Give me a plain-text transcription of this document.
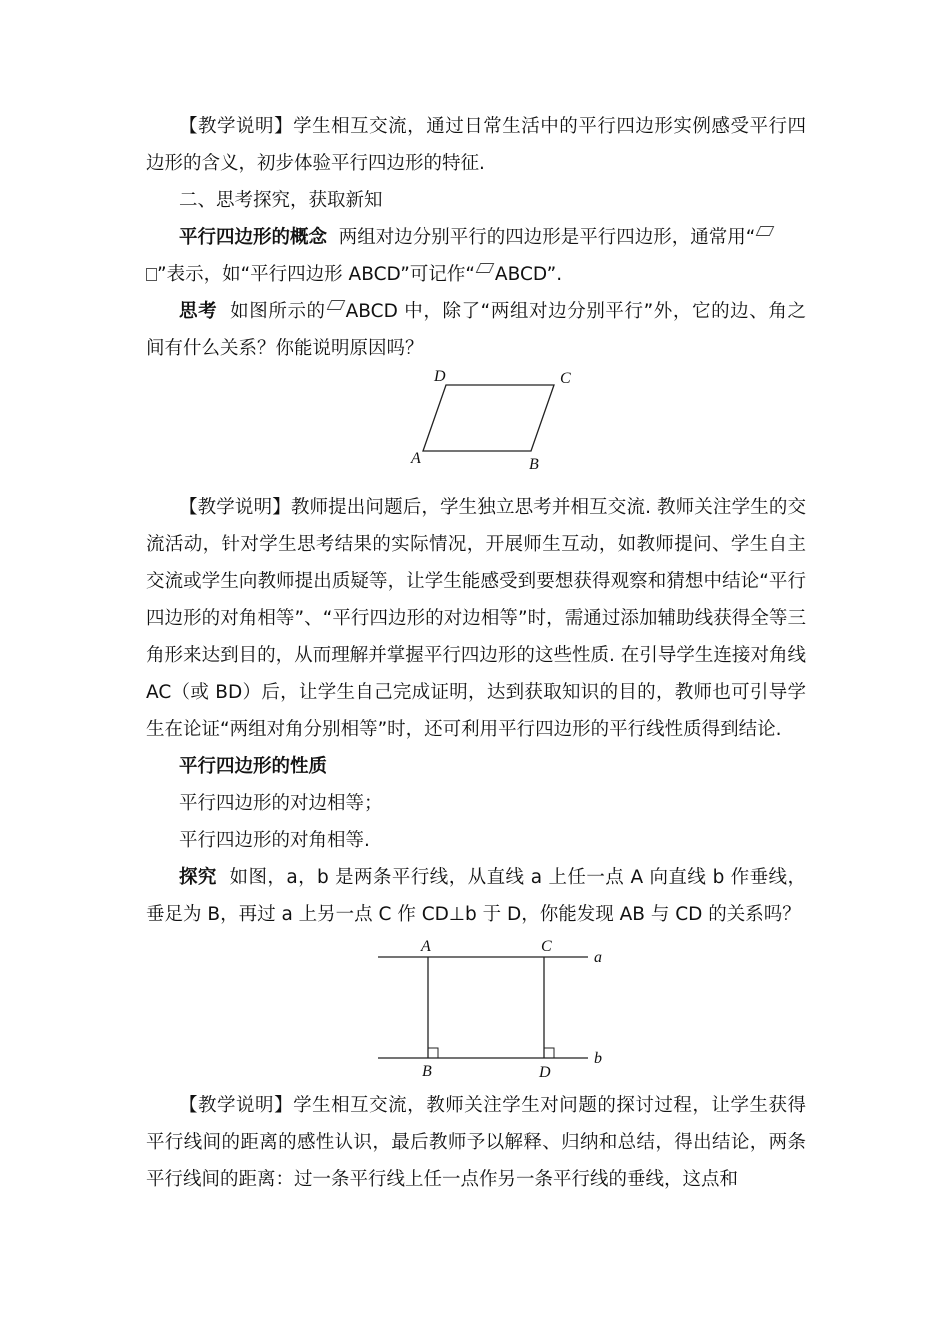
【教学说明】学生相互交流，通过日常生活中的平行四边形实例感受平行四边形的含义，初步体验平行四边形的特征.

二、思考探究，获取新知

平行四边形的概念 两组对边分别平行的四边形是平行四边形，通常用“
”表示，如“平行四边形 ABCD”可记作“ ABCD”.

思考 如图所示的 ABCD 中，除了“两组对边分别平行”外，它的边、角之间有什么关系？你能说明原因吗？

D	C
A	B

【教学说明】教师提出问题后，学生独立思考并相互交流. 教师关注学生的交流活动，针对学生思考结果的实际情况，开展师生互动，如教师提问、学生自主交流或学生向教师提出质疑等，让学生能感受到要想获得观察和猜想中结论“平行四边形的对角相等”、“平行四边形的对边相等”时，需通过添加辅助线获得全等三角形来达到目的，从而理解并掌握平行四边形的这些性质. 在引导学生连接对角线 AC（或 BD）后，让学生自己完成证明，达到获取知识的目的，教师也可引导学生在论证“两组对角分别相等”时，还可利用平行四边形的平行线性质得到结论.

平行四边形的性质

平行四边形的对边相等；

平行四边形的对角相等.

探究 如图，a，b 是两条平行线，从直线 a 上任一点 A 向直线 b 作垂线，垂足为 B，再过 a 上另一点 C 作 CD⊥b 于 D，你能发现 AB 与 CD 的关系吗？

A	C
a
B	D
b

【教学说明】学生相互交流，教师关注学生对问题的探讨过程，让学生获得平行线间的距离的感性认识，最后教师予以解释、归纳和总结，得出结论，两条平行线间的距离：过一条平行线上任一点作另一条平行线的垂线，这点和
